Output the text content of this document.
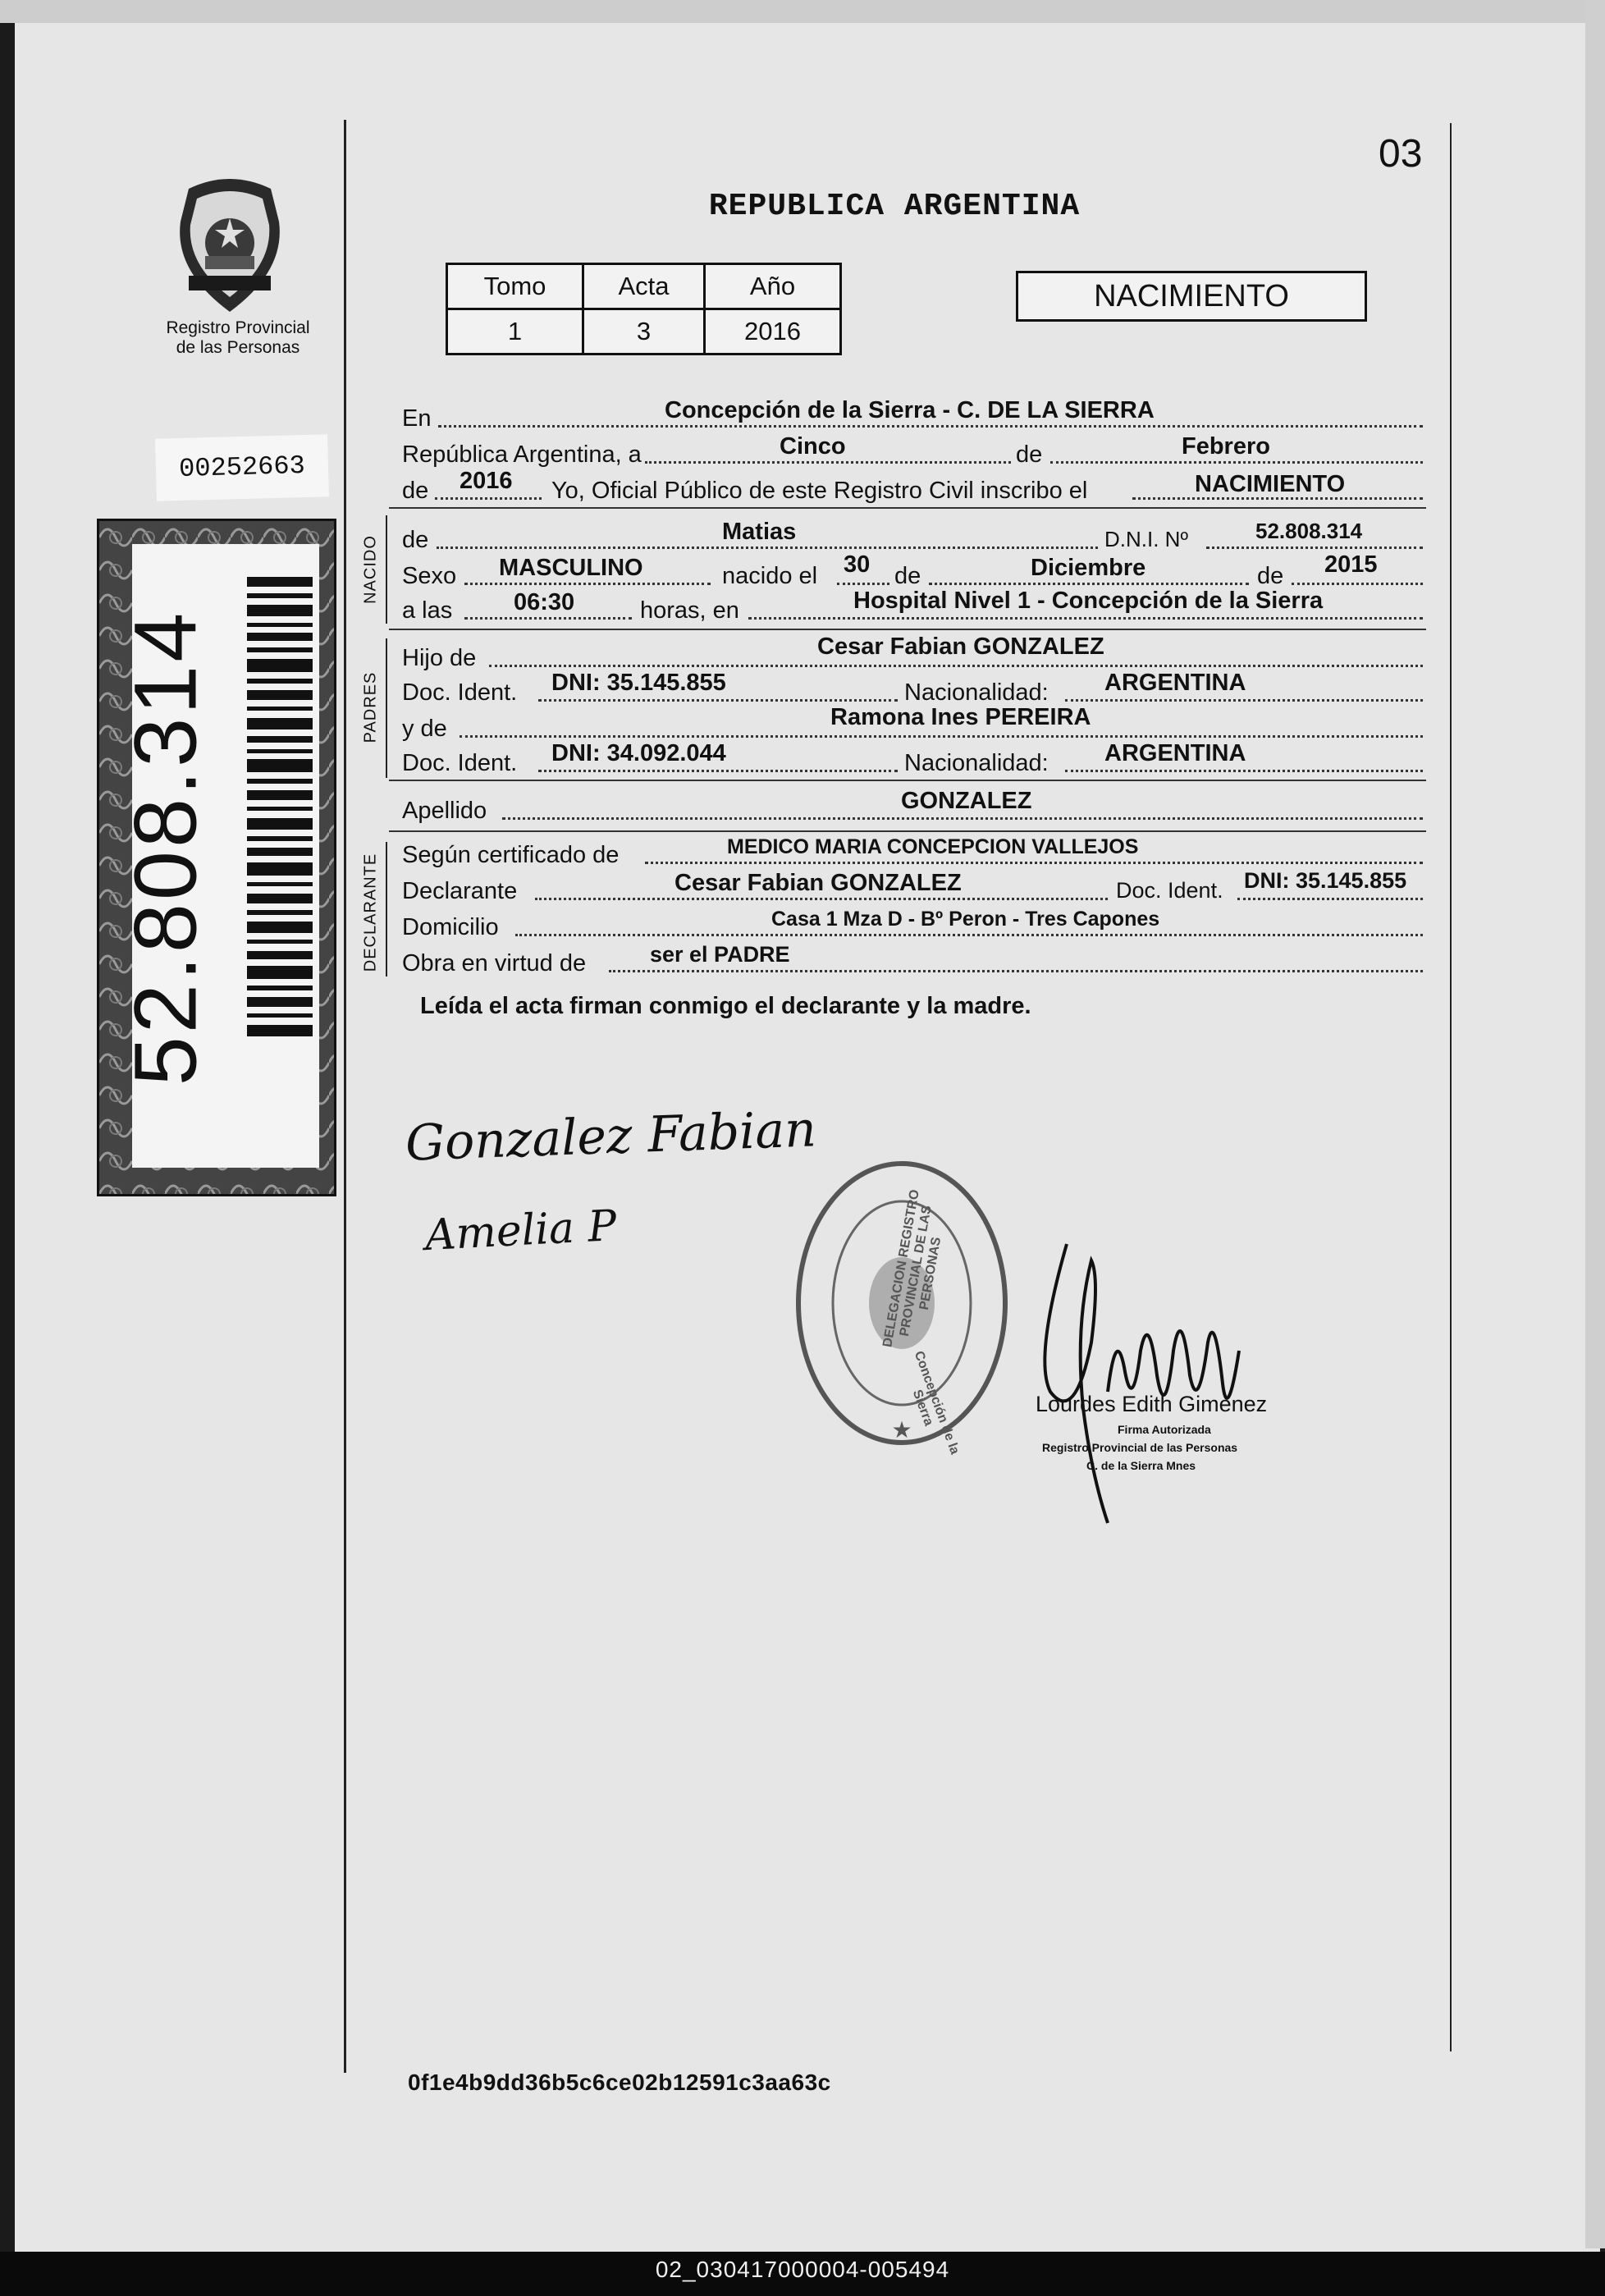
03
Registro Provincial
de las Personas
REPUBLICA ARGENTINA
Tomo	Acta	Año
1	3	2016
NACIMIENTO
00252663
52.808.314
NACIDO
PADRES
DECLARANTE
En	Concepción de la Sierra - C. DE LA SIERRA
República Argentina, a	Cinco	de	Febrero
de 2016 Yo, Oficial Público de este Registro Civil inscribo el	NACIMIENTO
de	Matias	D.N.I. Nº	52.808.314
Sexo MASCULINO	nacido el 30 de	Diciembre	de 2015
a las	06:30	horas, en	Hospital Nivel 1 - Concepción de la Sierra
Hijo de	Cesar Fabian GONZALEZ
Doc. Ident. DNI: 35.145.855	Nacionalidad: ARGENTINA
y de	Ramona Ines PEREIRA
Doc. Ident. DNI: 34.092.044	Nacionalidad: ARGENTINA
Apellido	GONZALEZ
Según certificado de	MEDICO MARIA CONCEPCION VALLEJOS
Declarante	Cesar Fabian GONZALEZ	Doc. Ident. DNI: 35.145.855
Domicilio	Casa 1 Mza D - Bº Peron - Tres Capones
Obra en virtud de	ser el PADRE
Leída el acta firman conmigo el declarante y la madre.
Gonzalez Fabian
Amelia P
★
DELEGACION REGISTRO PROVINCIAL DE LAS PERSONAS
Concepción de la Sierra	Lourdes Edith Gimenez
Firma Autorizada
Registro Provincial de las Personas
C. de la Sierra Mnes
0f1e4b9dd36b5c6ce02b12591c3aa63c
02_030417000004-005494
